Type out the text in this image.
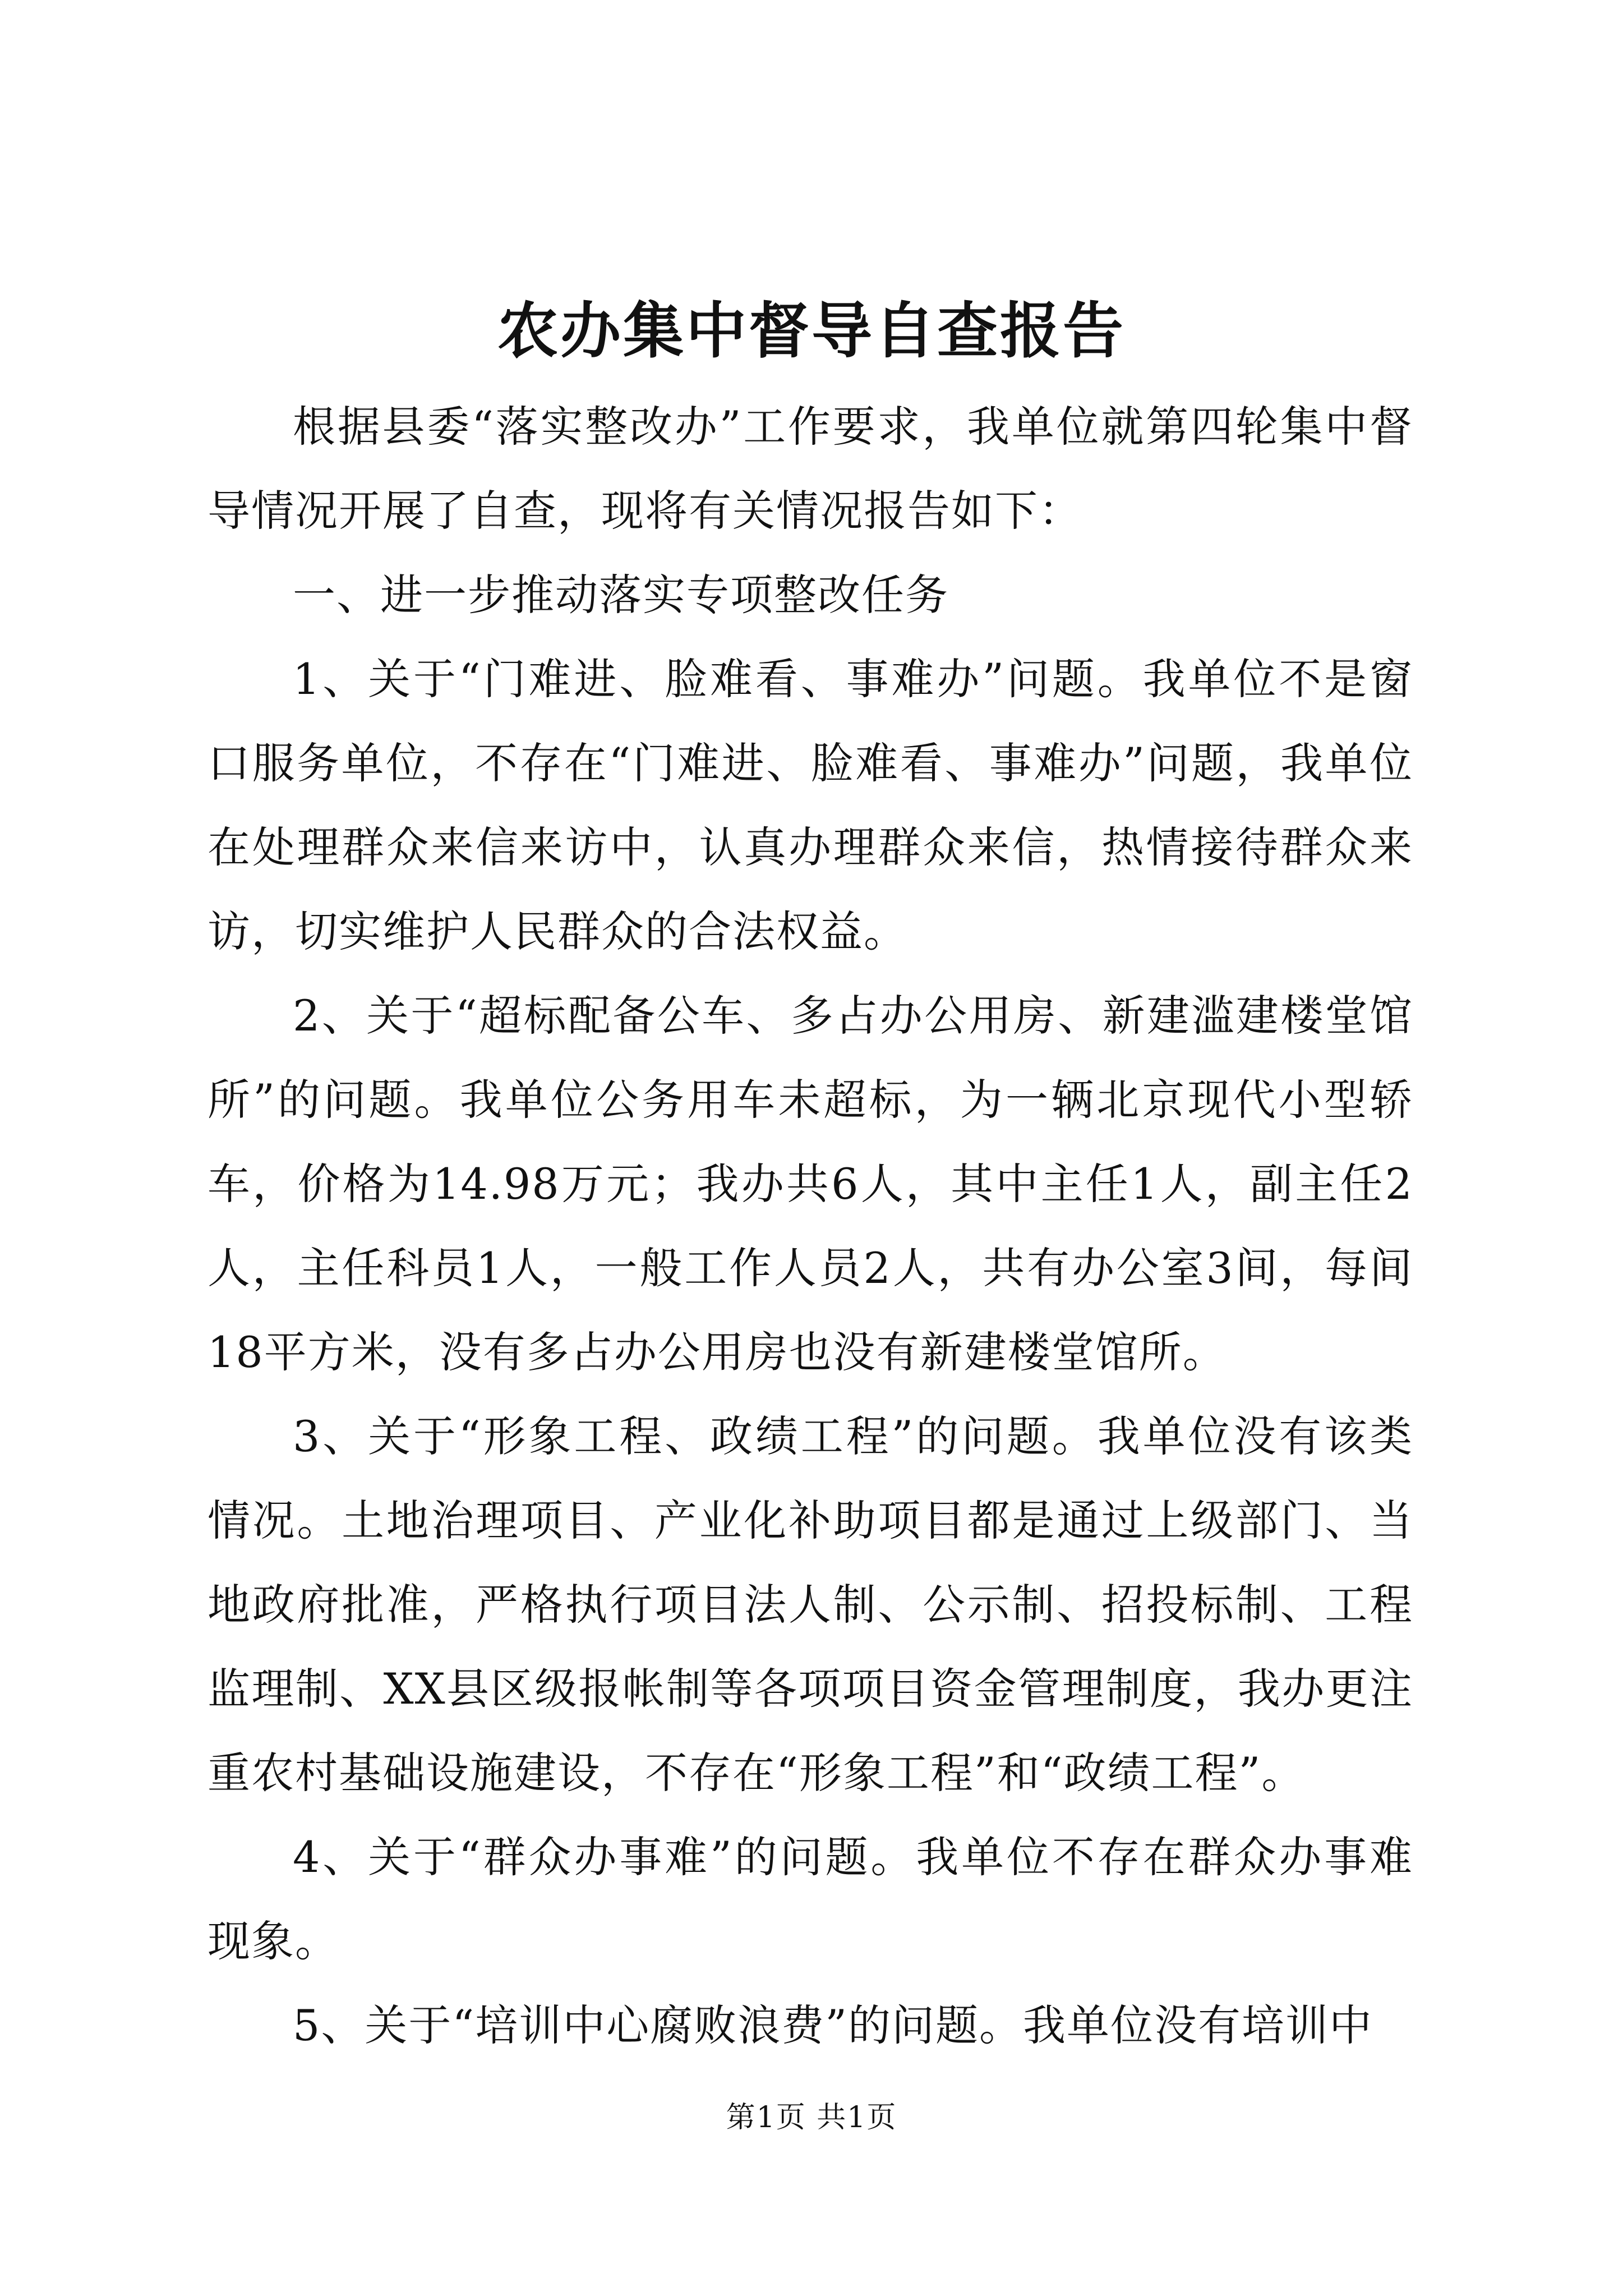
农办集中督导自查报告

根据县委“落实整改办”工作要求，我单位就第四轮集中督导情况开展了自查，现将有关情况报告如下：

一、进一步推动落实专项整改任务

1、关于“门难进、脸难看、事难办”问题。我单位不是窗口服务单位，不存在“门难进、脸难看、事难办”问题，我单位在处理群众来信来访中，认真办理群众来信，热情接待群众来访，切实维护人民群众的合法权益。

2、关于“超标配备公车、多占办公用房、新建滥建楼堂馆所”的问题。我单位公务用车未超标，为一辆北京现代小型轿车，价格为14.98万元；我办共6人，其中主任1人，副主任2人，主任科员1人，一般工作人员2人，共有办公室3间，每间18平方米，没有多占办公用房也没有新建楼堂馆所。

3、关于“形象工程、政绩工程”的问题。我单位没有该类情况。土地治理项目、产业化补助项目都是通过上级部门、当地政府批准，严格执行项目法人制、公示制、招投标制、工程监理制、XX县区级报帐制等各项项目资金管理制度，我办更注重农村基础设施建设，不存在“形象工程”和“政绩工程”。

4、关于“群众办事难”的问题。我单位不存在群众办事难现象。

5、关于“培训中心腐败浪费”的问题。我单位没有培训中

第1页 共1页
